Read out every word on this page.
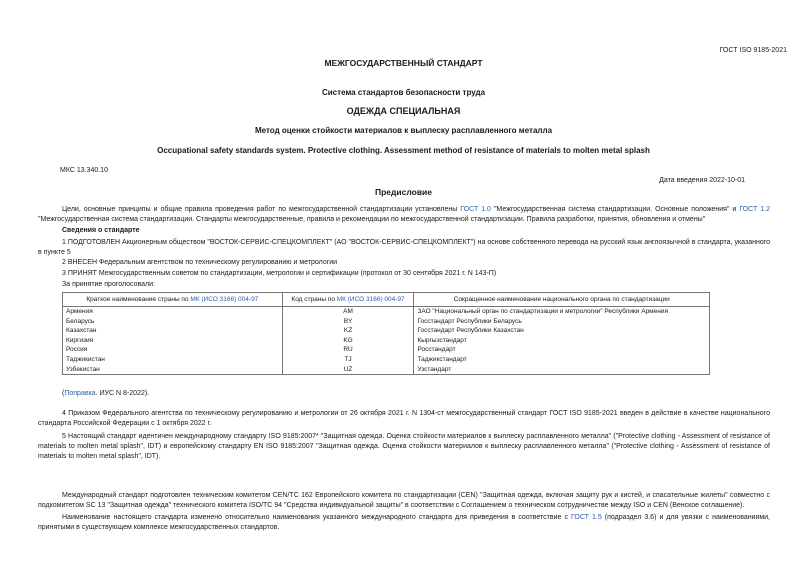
ГОСТ ISO 9185-2021
МЕЖГОСУДАРСТВЕННЫЙ СТАНДАРТ
Система стандартов безопасности труда
ОДЕЖДА СПЕЦИАЛЬНАЯ
Метод оценки стойкости материалов к выплеску расплавленного металла
Occupational safety standards system. Protective clothing. Assessment method of resistance of materials to molten metal splash
МКС 13.340.10
Дата введения 2022-10-01
Предисловие
Цели, основные принципы и общие правила проведения работ по межгосударственной стандартизации установлены ГОСТ 1.0 "Межгосударственная система стандартизации. Основные положения" и ГОСТ 1.2 "Межгосударственная система стандартизации. Стандарты межгосударственные, правила и рекомендации по межгосударственной стандартизации. Правила разработки, принятия, обновления и отмены"
Сведения о стандарте
1 ПОДГОТОВЛЕН Акционерным обществом "ВОСТОК-СЕРВИС-СПЕЦКОМПЛЕКТ" (АО "ВОСТОК-СЕРВИС-СПЕЦКОМПЛЕКТ") на основе собственного перевода на русский язык англоязычной в стандарта, указанного в пункте 5
2 ВНЕСЕН Федеральным агентством по техническому регулированию и метрологии
3 ПРИНЯТ Межгосударственным советом по стандартизации, метрологии и сертификации (протокол от 30 сентября 2021 г. N 143-П)
За принятие проголосовали:
Краткое наименование страны по МК (ИСО 3166) 004-97	Код страны по МК (ИСО 3166) 004-97	Сокращенное наименование национального органа по стандартизации
Армения	AM	ЗАО "Национальный орган по стандартизации и метрологии" Республики Армения
Беларусь	BY	Госстандарт Республики Беларусь
Казахстан	KZ	Госстандарт Республики Казахстан
Киргизия	KG	Кыргызстандарт
Россия	RU	Росстандарт
Таджикистан	TJ	Таджикстандарт
Узбекистан	UZ	Узстандарт
(Поправка. ИУС N 8-2022).
4 Приказом Федерального агентства по техническому регулированию и метрологии от 26 октября 2021 г. N 1304-ст межгосударственный стандарт ГОСТ ISO 9185-2021 введен в действие в качестве национального стандарта Российской Федерации с 1 октября 2022 г.
5 Настоящий стандарт идентичен международному стандарту ISO 9185:2007* "Защитная одежда. Оценка стойкости материалов к выплеску расплавленного металла" ("Protective clothing - Assessment of resistance of materials to molten metal splash", IDT) и европейскому стандарту EN ISO 9185:2007 "Защитная одежда. Оценка стойкости материалов к выплеску расплавленного металла" ("Protective clothing - Assessment of resistance of materials to molten metal splash", IDT).
Международный стандарт подготовлен техническим комитетом CEN/TC 162 Европейского комитета по стандартизации (CEN) "Защитная одежда, включая защиту рук и кистей, и спасательные жилеты" совместно с подкомитетом SC 13 "Защитная одежда" технического комитета ISO/TC 94 "Средства индивидуальной защиты" в соответствии с Соглашением о техническом сотрудничестве между ISO и CEN (Венское соглашение).
Наименование настоящего стандарта изменено относительно наименования указанного международного стандарта для приведения в соответствие с ГОСТ 1.5 (подраздел 3.6) и для увязки с наименованиями, принятыми в существующем комплексе межгосударственных стандартов.
